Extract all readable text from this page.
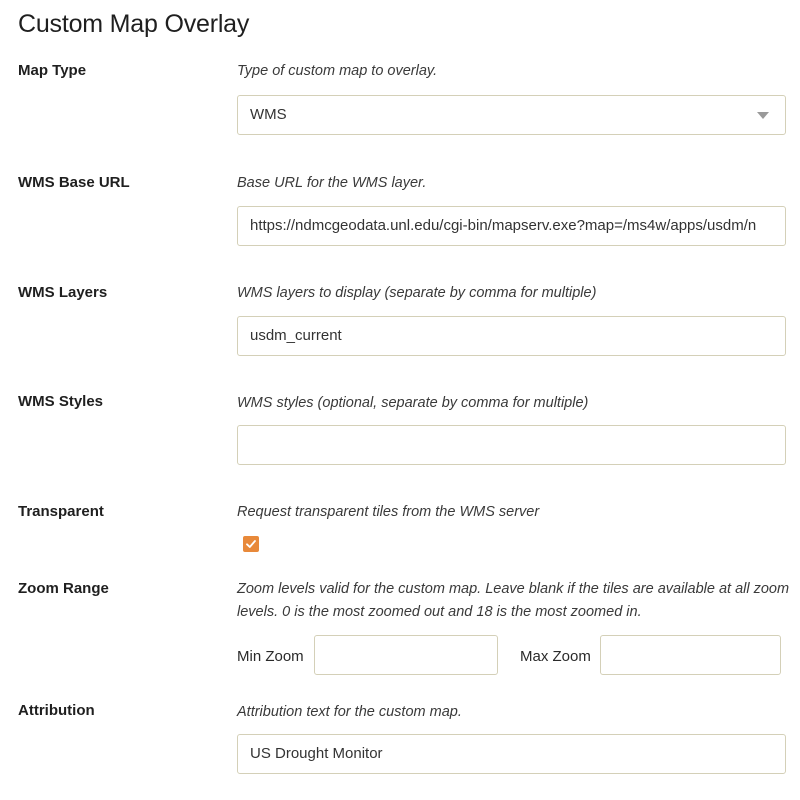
Custom Map Overlay
Map Type	Type of custom map to overlay.
WMS
WMS Base URL	Base URL for the WMS layer.
https://ndmcgeodata.unl.edu/cgi-bin/mapserv.exe?map=/ms4w/apps/usdm/n
WMS Layers	WMS layers to display (separate by comma for multiple)
usdm_current
WMS Styles	WMS styles (optional, separate by comma for multiple)
Transparent	Request transparent tiles from the WMS server
Zoom Range	Zoom levels valid for the custom map. Leave blank if the tiles are available at all zoom
levels. 0 is the most zoomed out and 18 is the most zoomed in.
Min Zoom	Max Zoom
Attribution	Attribution text for the custom map.
US Drought Monitor
